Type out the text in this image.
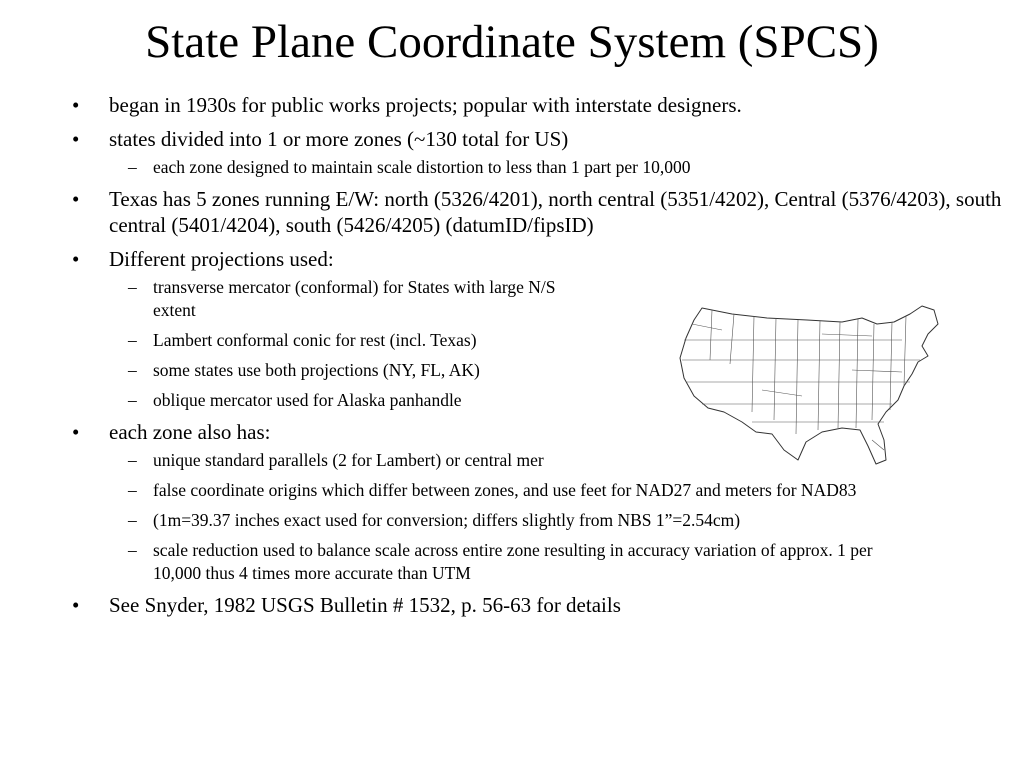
State Plane Coordinate System (SPCS)
• began in 1930s for public works projects; popular with interstate designers.
• states divided into 1 or more zones (~130 total for US)
– each zone designed to maintain scale distortion to less than 1 part per 10,000
• Texas has 5 zones running E/W: north (5326/4201), north central (5351/4202), Central (5376/4203), south central (5401/4204), south (5426/4205) (datumID/fipsID)
• Different projections used:
– transverse mercator (conformal) for States with large N/S extent
– Lambert conformal conic for rest (incl. Texas)
– some states use both projections (NY, FL, AK)
– oblique mercator used for Alaska panhandle
• each zone also has:
– unique standard parallels (2 for Lambert) or central mer
– false coordinate origins which differ between zones, and use feet for NAD27 and meters for NAD83
– (1m=39.37 inches exact used for conversion; differs slightly from NBS 1”=2.54cm)
– scale reduction used to balance scale across entire zone resulting in accuracy variation of approx. 1 per 10,000 thus 4 times more accurate than UTM
• See Snyder, 1982 USGS Bulletin # 1532, p. 56-63 for details
